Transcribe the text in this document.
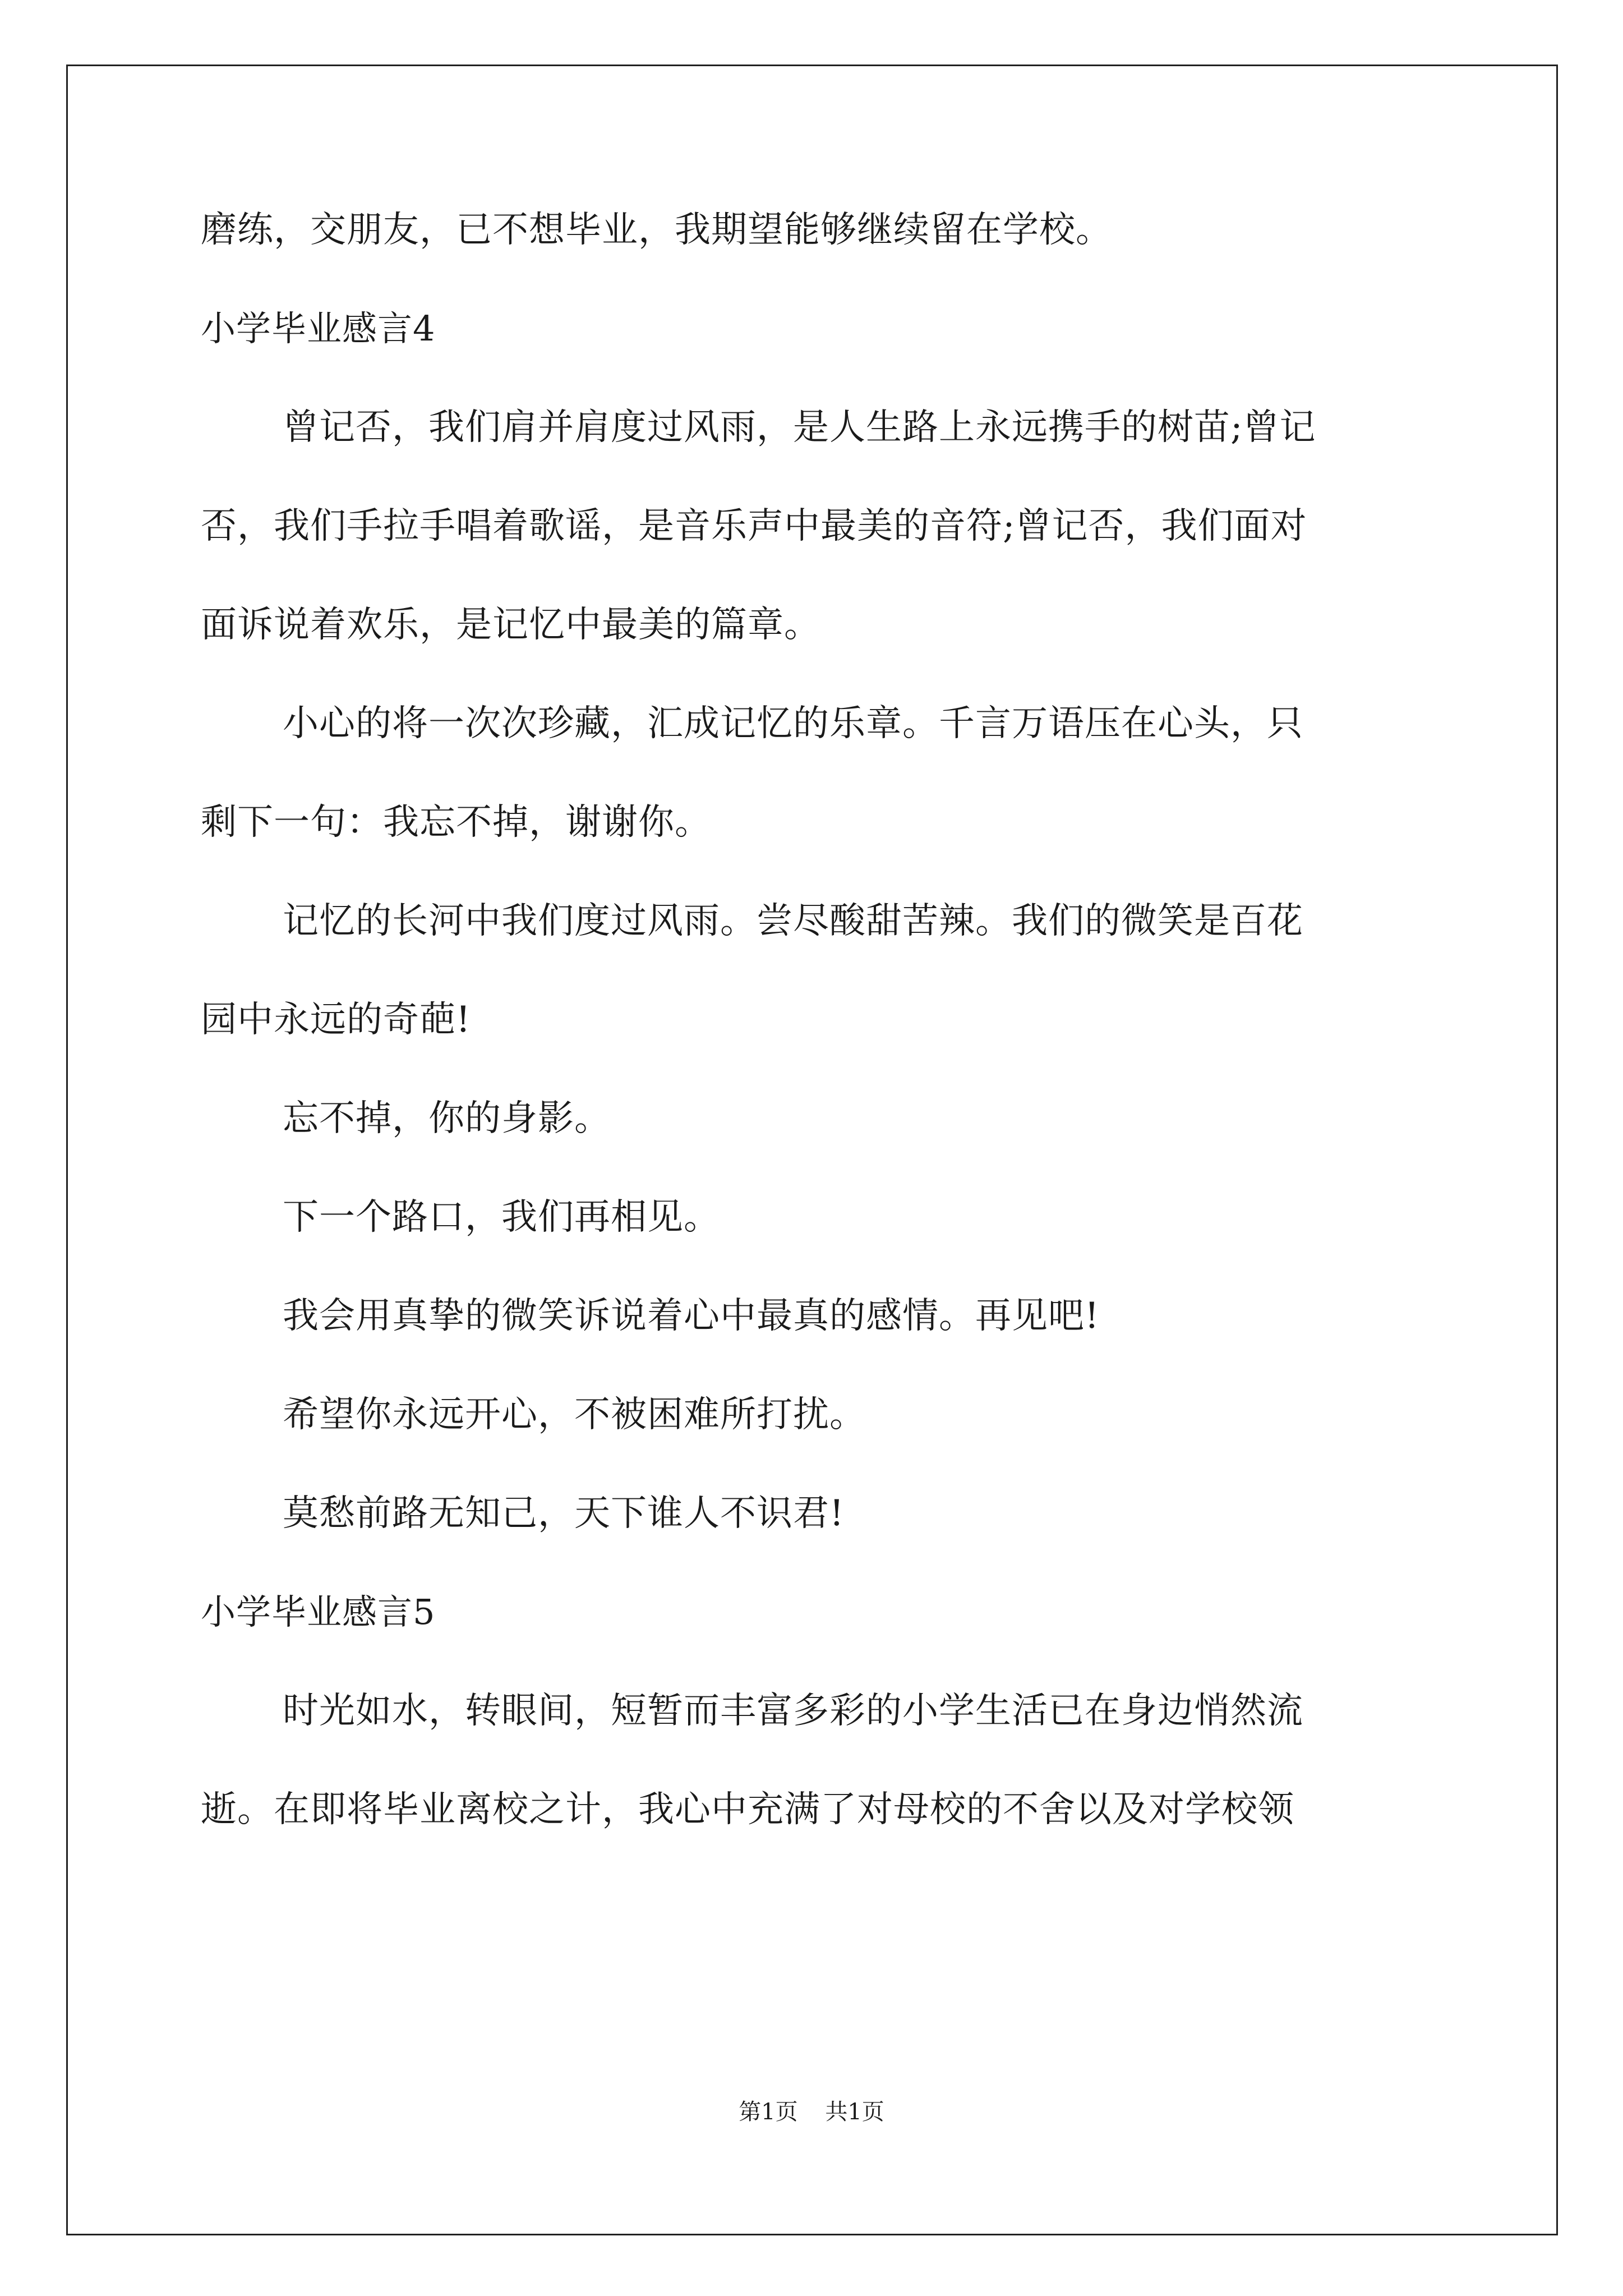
磨练，交朋友，已不想毕业，我期望能够继续留在学校。
小学毕业感言4
曾记否，我们肩并肩度过风雨，是人生路上永远携手的树苗;曾记
否，我们手拉手唱着歌谣，是音乐声中最美的音符;曾记否，我们面对
面诉说着欢乐，是记忆中最美的篇章。
小心的将一次次珍藏，汇成记忆的乐章。千言万语压在心头，只
剩下一句：我忘不掉，谢谢你。
记忆的长河中我们度过风雨。尝尽酸甜苦辣。我们的微笑是百花
园中永远的奇葩!
忘不掉，你的身影。
下一个路口，我们再相见。
我会用真挚的微笑诉说着心中最真的感情。再见吧!
希望你永远开心，不被困难所打扰。
莫愁前路无知己，天下谁人不识君!
小学毕业感言5
时光如水，转眼间，短暂而丰富多彩的小学生活已在身边悄然流
逝。在即将毕业离校之计，我心中充满了对母校的不舍以及对学校领
第1页 共1页
